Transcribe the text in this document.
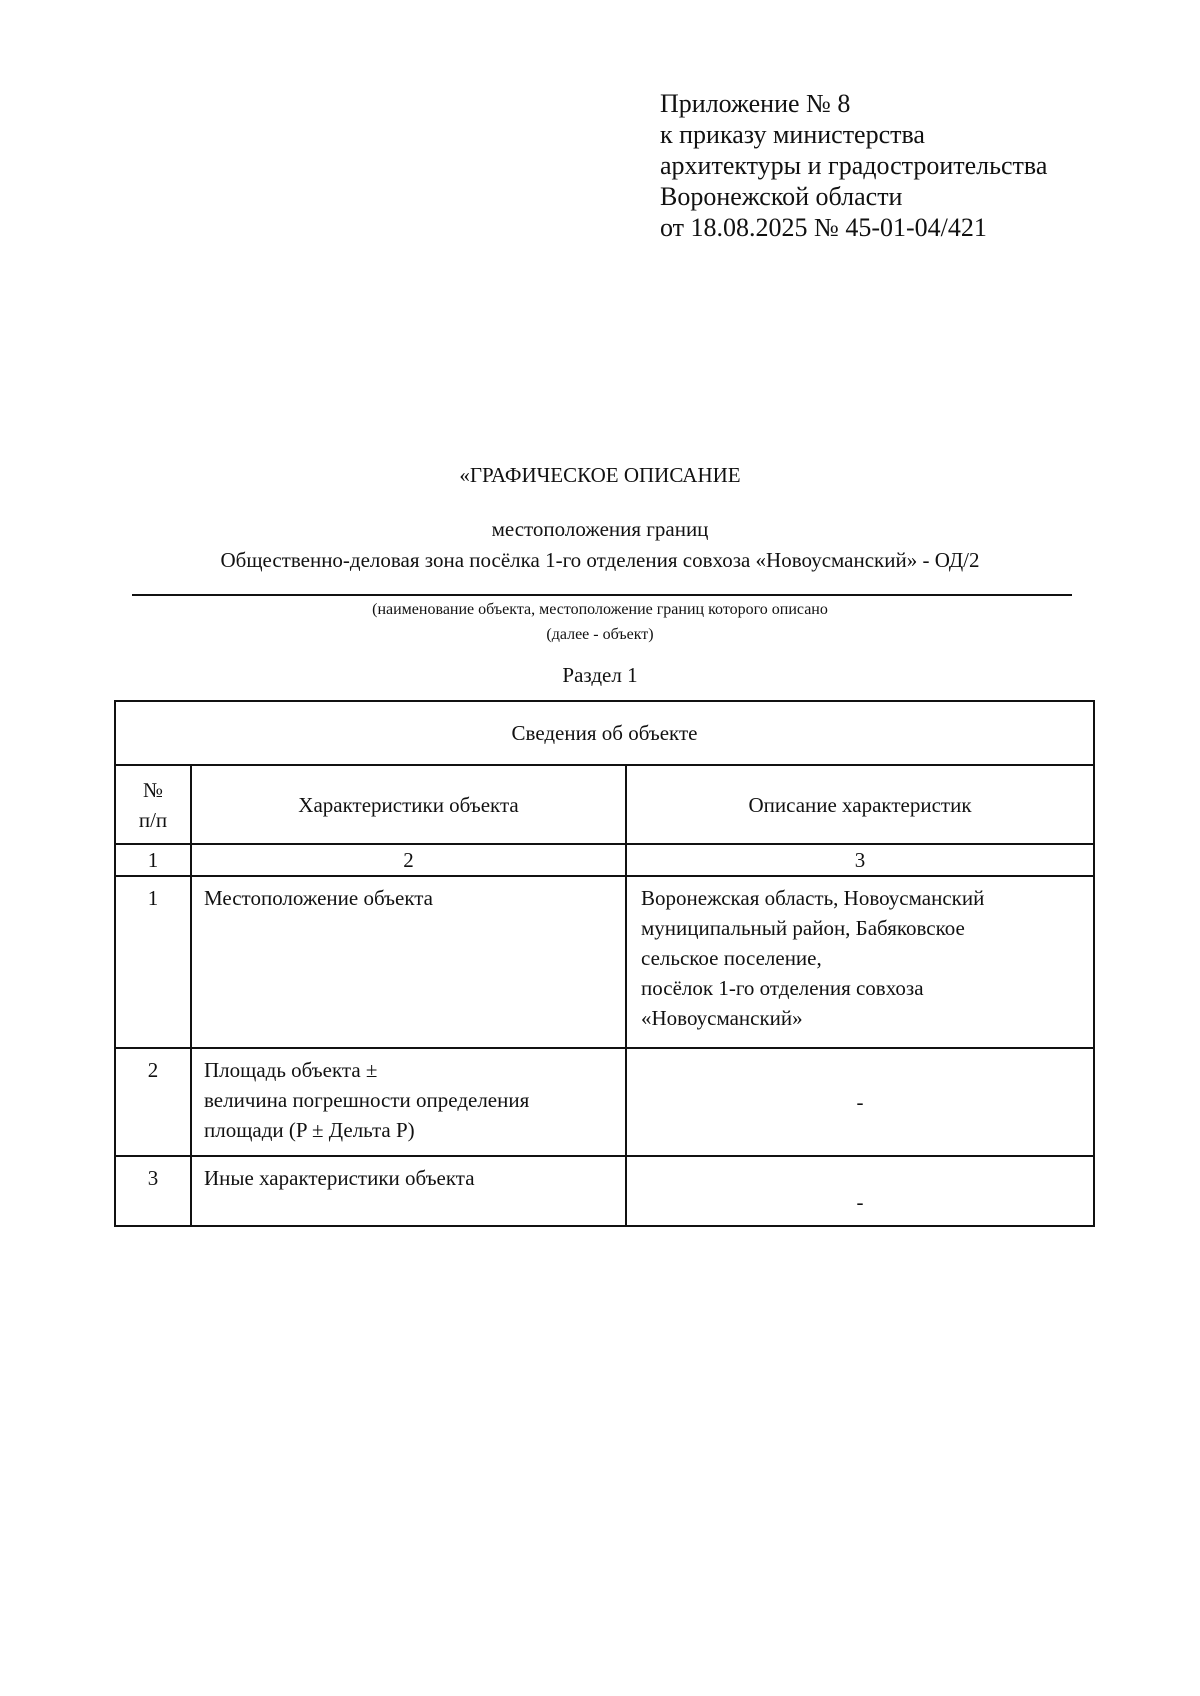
Приложение № 8
к приказу министерства
архитектуры и градостроительства
Воронежской области
от 18.08.2025 № 45-01-04/421
«ГРАФИЧЕСКОЕ ОПИСАНИЕ
местоположения границ
Общественно-деловая зона посёлка 1-го отделения совхоза «Новоусманский» - ОД/2
(наименование объекта, местоположение границ которого описано
(далее - объект)
Раздел 1
Сведения об объекте		

№
п/п	Характеристики объекта	Описание характеристик
1	2	3
1	Местоположение объекта	Воронежская область, Новоусманский
муниципальный район, Бабяковское
сельское поселение,
посёлок 1-го отделения совхоза
«Новоусманский»

2	Площадь объекта ±
величина погрешности определения
площади (P ± Дельта P)	-
3	Иные характеристики объекта	-
